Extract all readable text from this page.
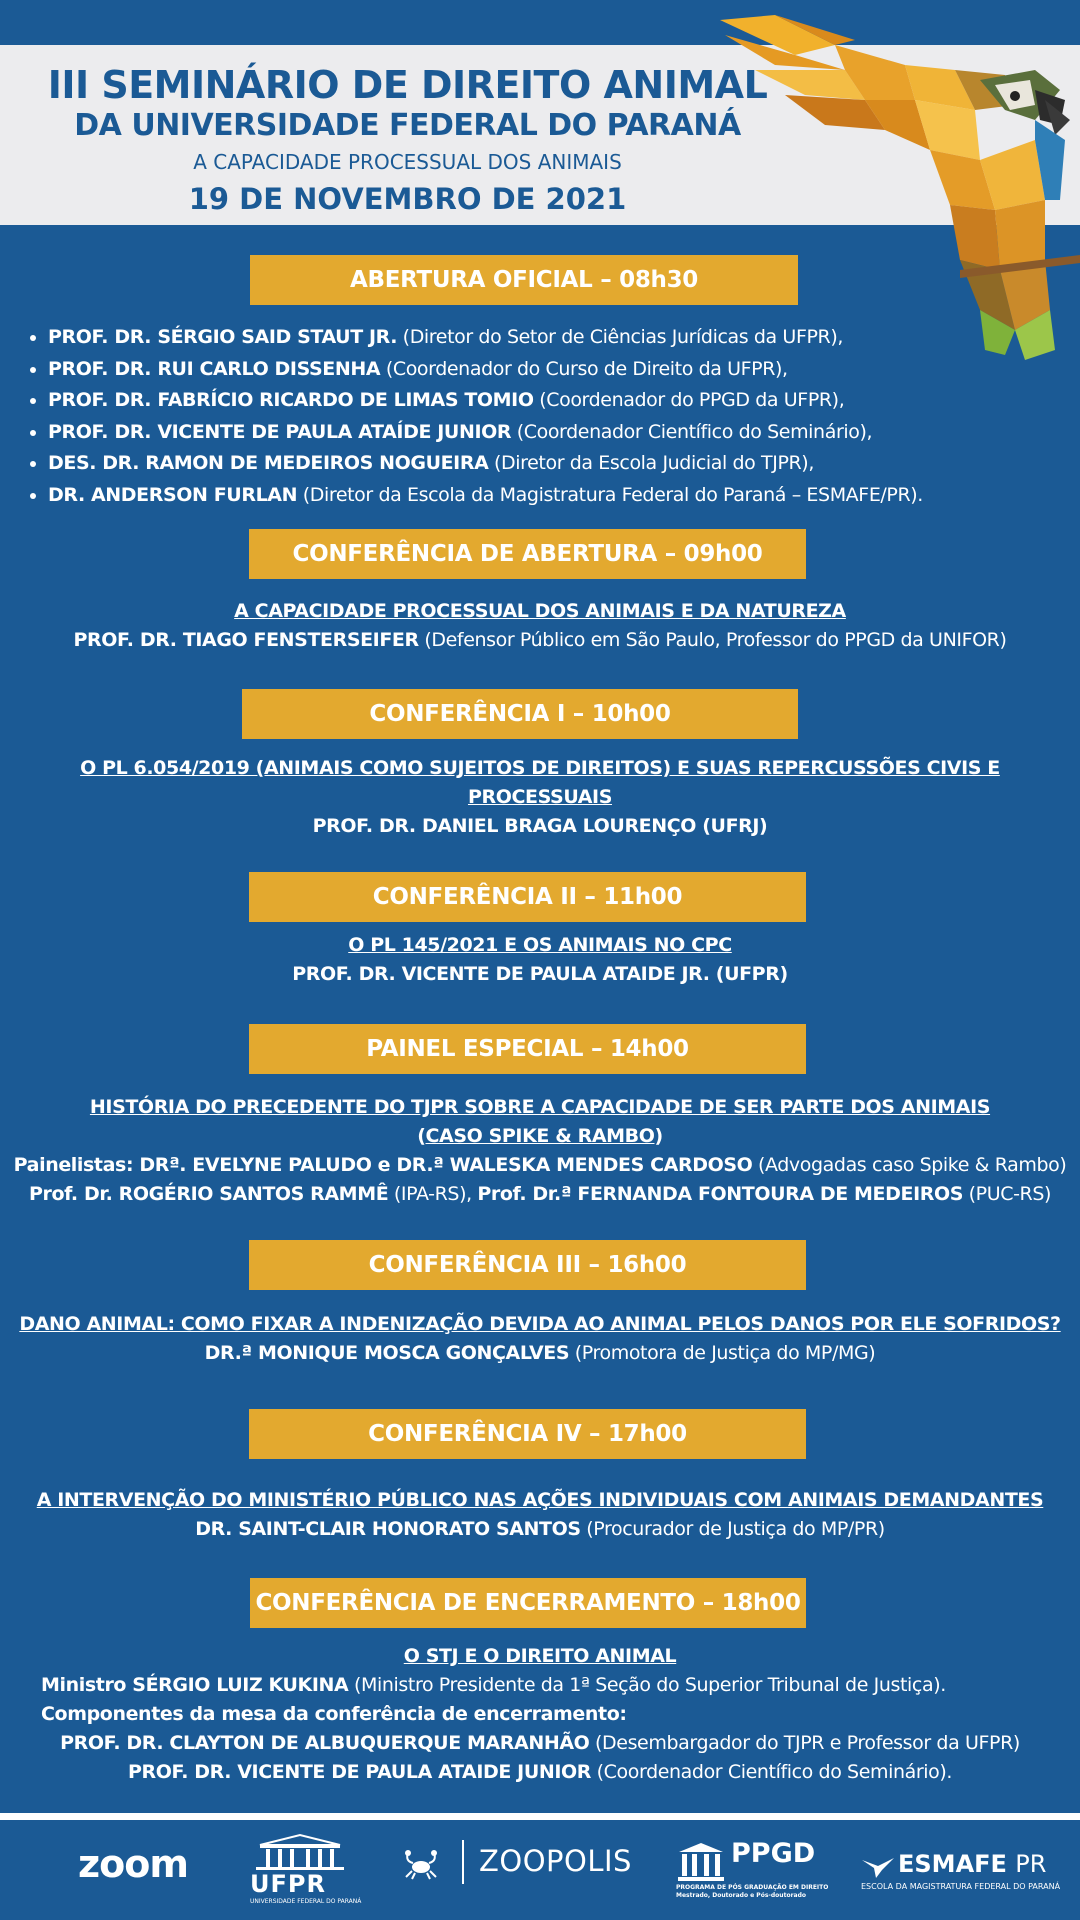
III SEMINÁRIO DE DIREITO ANIMAL
DA UNIVERSIDADE FEDERAL DO PARANÁ
A CAPACIDADE PROCESSUAL DOS ANIMAIS
19 DE NOVEMBRO DE 2021
ABERTURA OFICIAL – 08h30
• PROF. DR. SÉRGIO SAID STAUT JR. (Diretor do Setor de Ciências Jurídicas da UFPR),
• PROF. DR. RUI CARLO DISSENHA (Coordenador do Curso de Direito da UFPR),
• PROF. DR. FABRÍCIO RICARDO DE LIMAS TOMIO (Coordenador do PPGD da UFPR),
• PROF. DR. VICENTE DE PAULA ATAÍDE JUNIOR (Coordenador Científico do Seminário),
• DES. DR. RAMON DE MEDEIROS NOGUEIRA (Diretor da Escola Judicial do TJPR),
• DR. ANDERSON FURLAN (Diretor da Escola da Magistratura Federal do Paraná – ESMAFE/PR).
CONFERÊNCIA DE ABERTURA – 09h00
A CAPACIDADE PROCESSUAL DOS ANIMAIS E DA NATUREZA
PROF. DR. TIAGO FENSTERSEIFER (Defensor Público em São Paulo, Professor do PPGD da UNIFOR)
CONFERÊNCIA I – 10h00
O PL 6.054/2019 (ANIMAIS COMO SUJEITOS DE DIREITOS) E SUAS REPERCUSSÕES CIVIS E
PROCESSUAIS
PROF. DR. DANIEL BRAGA LOURENÇO (UFRJ)
CONFERÊNCIA II – 11h00
O PL 145/2021 E OS ANIMAIS NO CPC
PROF. DR. VICENTE DE PAULA ATAIDE JR. (UFPR)
PAINEL ESPECIAL – 14h00
HISTÓRIA DO PRECEDENTE DO TJPR SOBRE A CAPACIDADE DE SER PARTE DOS ANIMAIS
(CASO SPIKE & RAMBO)
Painelistas: DRª. EVELYNE PALUDO e DR.ª WALESKA MENDES CARDOSO (Advogadas caso Spike & Rambo)
Prof. Dr. ROGÉRIO SANTOS RAMMÊ (IPA-RS), Prof. Dr.ª FERNANDA FONTOURA DE MEDEIROS (PUC-RS)
CONFERÊNCIA III – 16h00
DANO ANIMAL: COMO FIXAR A INDENIZAÇÃO DEVIDA AO ANIMAL PELOS DANOS POR ELE SOFRIDOS?
DR.ª MONIQUE MOSCA GONÇALVES (Promotora de Justiça do MP/MG)
CONFERÊNCIA IV – 17h00
A INTERVENÇÃO DO MINISTÉRIO PÚBLICO NAS AÇÕES INDIVIDUAIS COM ANIMAIS DEMANDANTES
DR. SAINT-CLAIR HONORATO SANTOS (Procurador de Justiça do MP/PR)
CONFERÊNCIA DE ENCERRAMENTO – 18h00
O STJ E O DIREITO ANIMAL
Ministro SÉRGIO LUIZ KUKINA (Ministro Presidente da 1ª Seção do Superior Tribunal de Justiça).
Componentes da mesa da conferência de encerramento:
PROF. DR. CLAYTON DE ALBUQUERQUE MARANHÃO (Desembargador do TJPR e Professor da UFPR)
PROF. DR. VICENTE DE PAULA ATAIDE JUNIOR (Coordenador Científico do Seminário).
zoom	UFPR
UNIVERSIDADE FEDERAL DO PARANÁ
ZOOPOLIS	PPGD
PROGRAMA DE PÓS GRADUAÇÃO EM DIREITO
Mestrado, Doutorado e Pós-doutorado
ESMAFE PR
ESCOLA DA MAGISTRATURA FEDERAL DO PARANÁ
